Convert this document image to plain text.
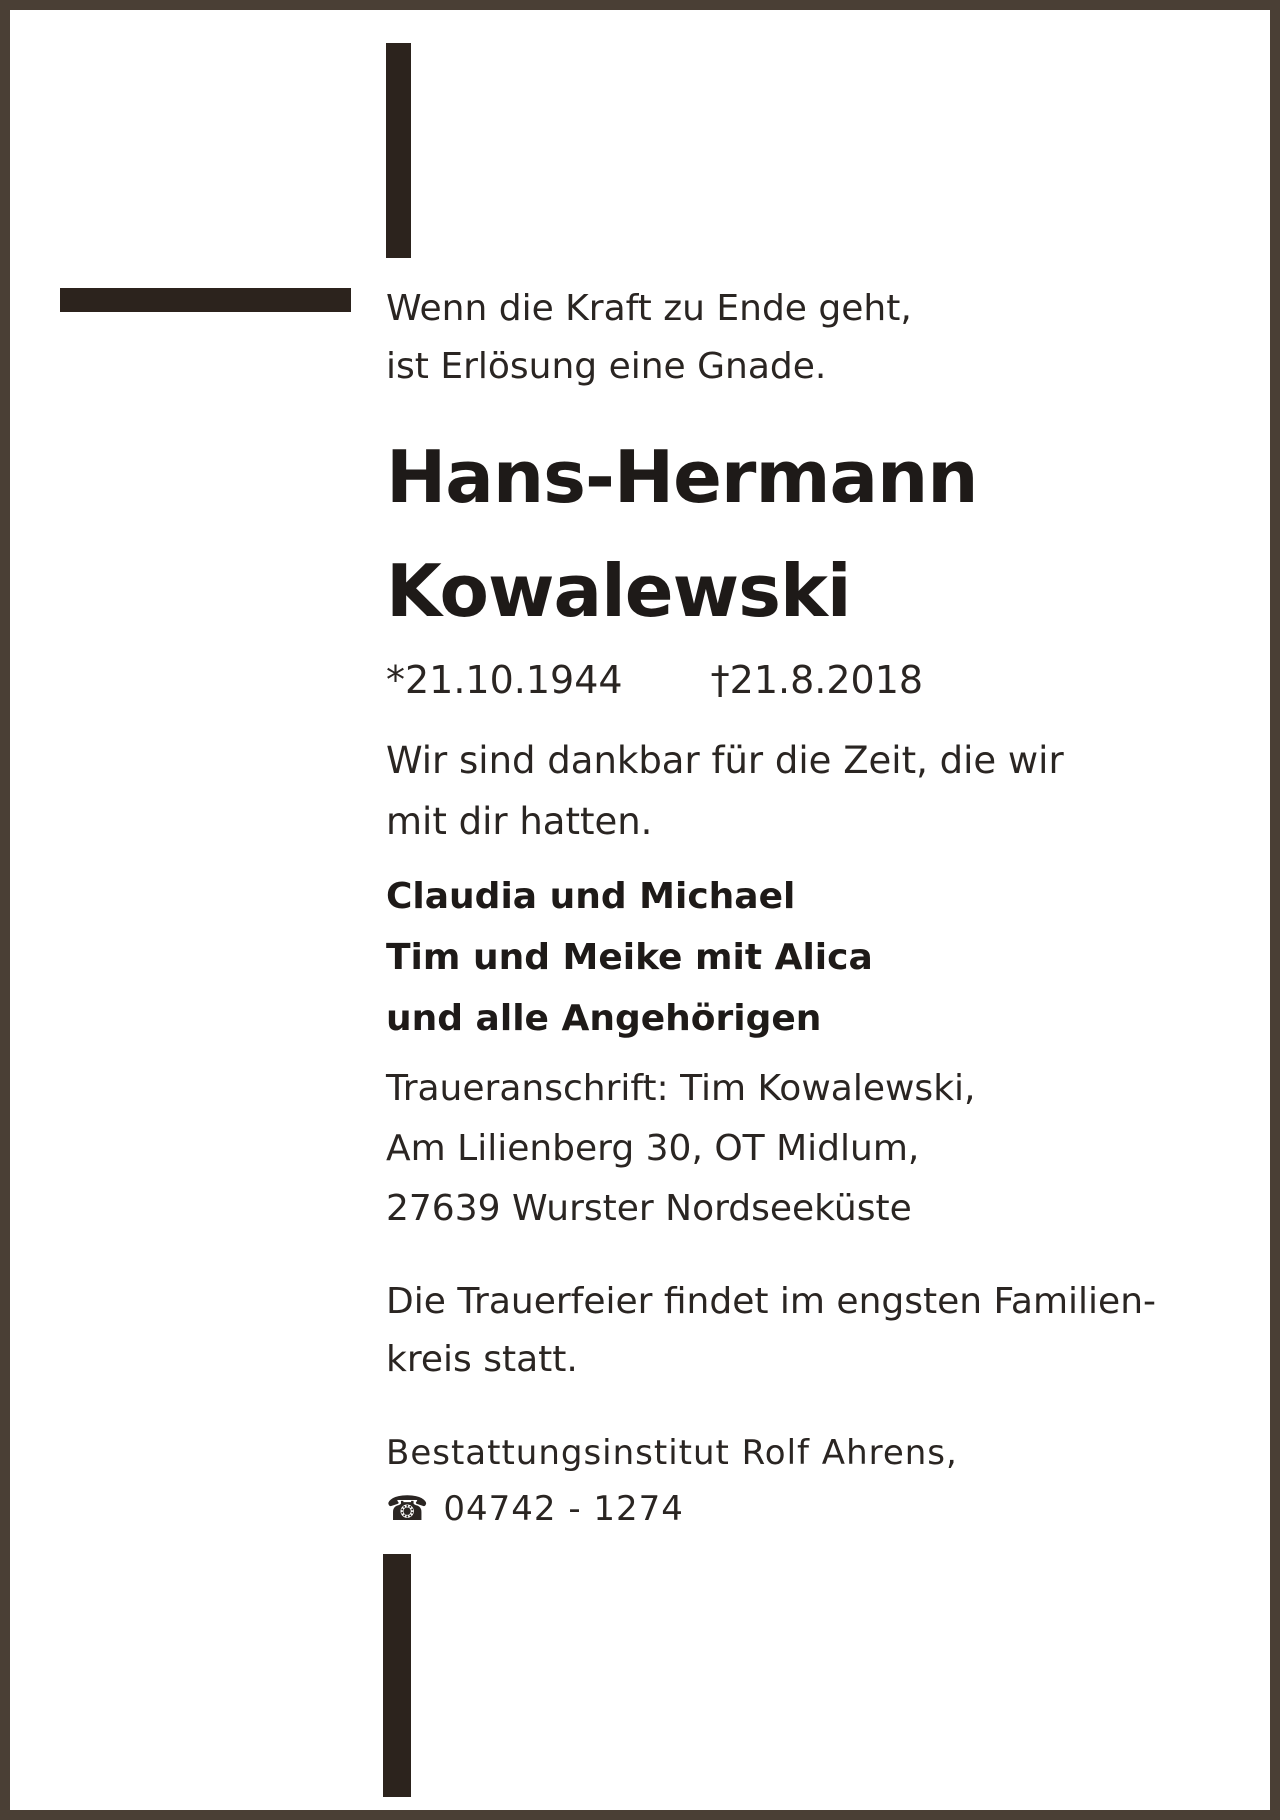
Wenn die Kraft zu Ende geht,

ist Erlösung eine Gnade.

Hans-Hermann

Kowalewski

*21.10.1944 †21.8.2018

Wir sind dankbar für die Zeit, die wir

mit dir hatten.

Claudia und Michael

Tim und Meike mit Alica

und alle Angehörigen

Traueranschrift: Tim Kowalewski,

Am Lilienberg 30, OT Midlum,

27639 Wurster Nordseeküste

Die Trauerfeier findet im engsten Familien-

kreis statt.

Bestattungsinstitut Rolf Ahrens,

☎ 04742 - 1274
